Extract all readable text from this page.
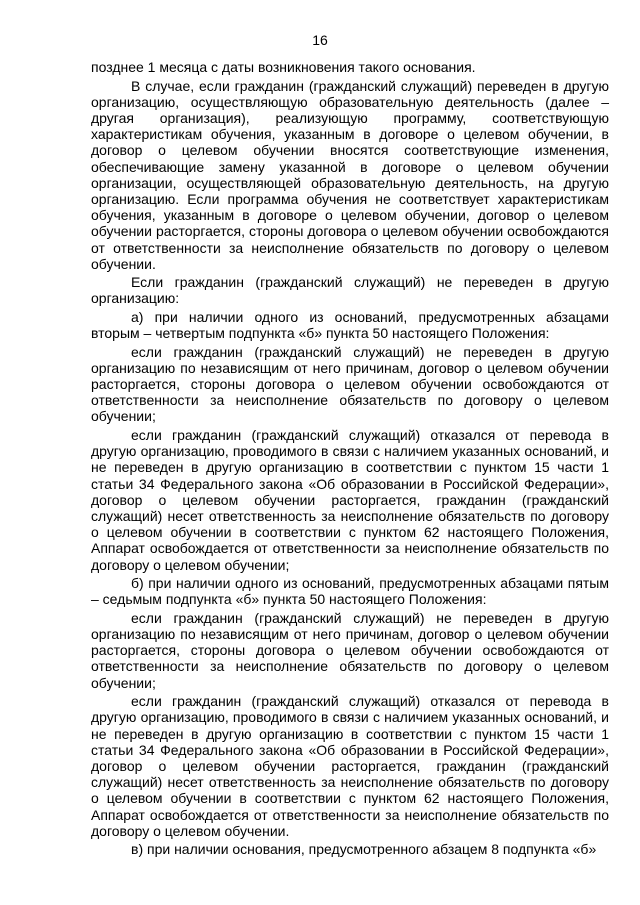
16

позднее 1 месяца с даты возникновения такого основания.

В случае, если гражданин (гражданский служащий) переведен в другую организацию, осуществляющую образовательную деятельность (далее – другая организация), реализующую программу, соответствующую характеристикам обучения, указанным в договоре о целевом обучении, в договор о целевом обучении вносятся соответствующие изменения, обеспечивающие замену указанной в договоре о целевом обучении организации, осуществляющей образовательную деятельность, на другую организацию. Если программа обучения не соответствует характеристикам обучения, указанным в договоре о целевом обучении, договор о целевом обучении расторгается, стороны договора о целевом обучении освобождаются от ответственности за неисполнение обязательств по договору о целевом обучении.

Если гражданин (гражданский служащий) не переведен в другую организацию:

а) при наличии одного из оснований, предусмотренных абзацами вторым – четвертым подпункта «б» пункта 50 настоящего Положения:

если гражданин (гражданский служащий) не переведен в другую организацию по независящим от него причинам, договор о целевом обучении расторгается, стороны договора о целевом обучении освобождаются от ответственности за неисполнение обязательств по договору о целевом обучении;

если гражданин (гражданский служащий) отказался от перевода в другую организацию, проводимого в связи с наличием указанных оснований, и не переведен в другую организацию в соответствии с пунктом 15 части 1 статьи 34 Федерального закона «Об образовании в Российской Федерации», договор о целевом обучении расторгается, гражданин (гражданский служащий) несет ответственность за неисполнение обязательств по договору о целевом обучении в соответствии с пунктом 62 настоящего Положения, Аппарат освобождается от ответственности за неисполнение обязательств по договору о целевом обучении;

б) при наличии одного из оснований, предусмотренных абзацами пятым – седьмым подпункта «б» пункта 50 настоящего Положения:

если гражданин (гражданский служащий) не переведен в другую организацию по независящим от него причинам, договор о целевом обучении расторгается, стороны договора о целевом обучении освобождаются от ответственности за неисполнение обязательств по договору о целевом обучении;

если гражданин (гражданский служащий) отказался от перевода в другую организацию, проводимого в связи с наличием указанных оснований, и не переведен в другую организацию в соответствии с пунктом 15 части 1 статьи 34 Федерального закона «Об образовании в Российской Федерации», договор о целевом обучении расторгается, гражданин (гражданский служащий) несет ответственность за неисполнение обязательств по договору о целевом обучении в соответствии с пунктом 62 настоящего Положения, Аппарат освобождается от ответственности за неисполнение обязательств по договору о целевом обучении.

в) при наличии основания, предусмотренного абзацем 8 подпункта «б»
